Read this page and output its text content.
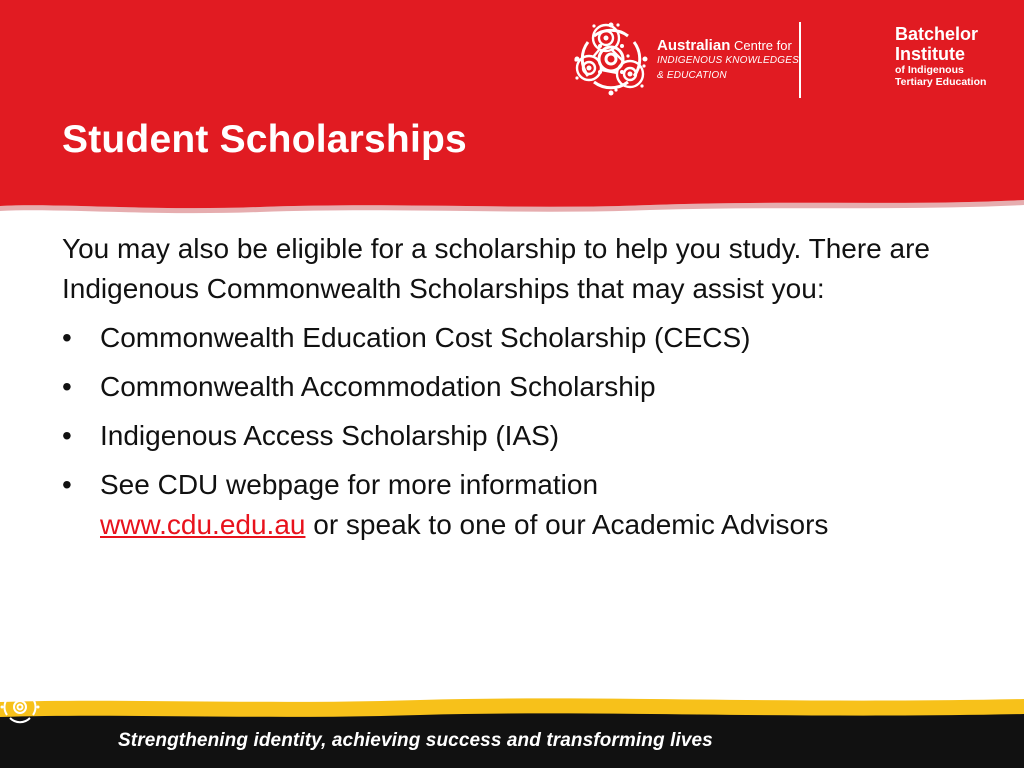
Student Scholarships
Australian Centre for
INDIGENOUS KNOWLEDGES
& EDUCATION
Batchelor
Institute
of Indigenous
Tertiary Education

You may also be eligible for a scholarship to help you study. There are Indigenous Commonwealth Scholarships that may assist you:

•	Commonwealth Education Cost Scholarship (CECS)
•	Commonwealth Accommodation Scholarship
•	Indigenous Access Scholarship (IAS)
•	See CDU webpage for more information
www.cdu.edu.au or speak to one of our Academic Advisors
Strengthening identity, achieving success and transforming lives
